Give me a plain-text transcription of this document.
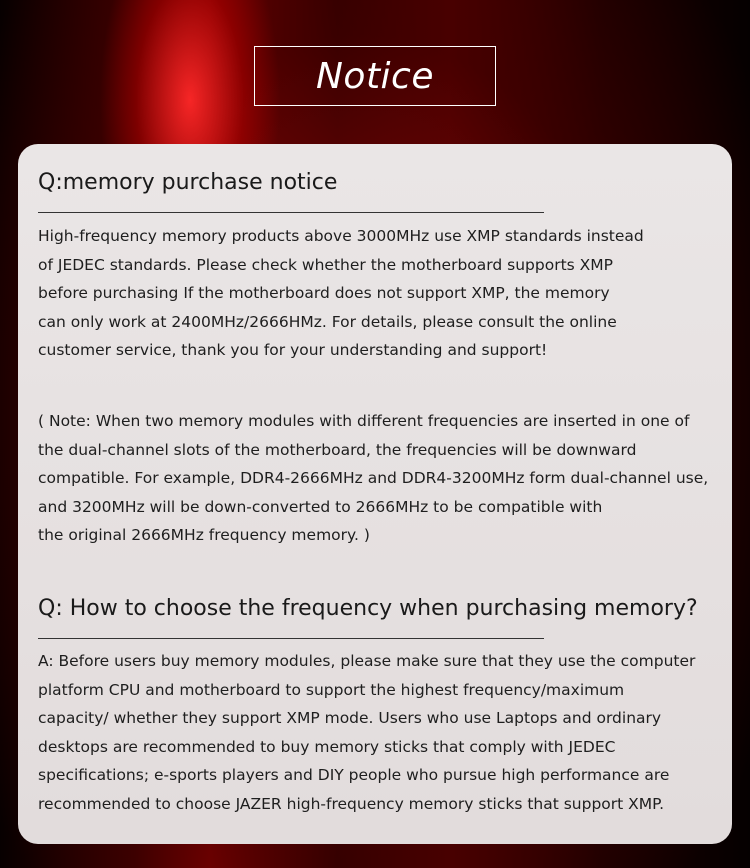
Notice
Q:memory purchase notice
High-frequency memory products above 3000MHz use XMP standards instead
of JEDEC standards. Please check whether the motherboard supports XMP
before purchasing If the motherboard does not support XMP, the memory
can only work at 2400MHz/2666HMz. For details, please consult the online
customer service, thank you for your understanding and support!
( Note: When two memory modules with different frequencies are inserted in one of
the dual-channel slots of the motherboard, the frequencies will be downward
compatible. For example, DDR4-2666MHz and DDR4-3200MHz form dual-channel use,
and 3200MHz will be down-converted to 2666MHz to be compatible with
the original 2666MHz frequency memory. )
Q: How to choose the frequency when purchasing memory?
A: Before users buy memory modules, please make sure that they use the computer
platform CPU and motherboard to support the highest frequency/maximum
capacity/ whether they support XMP mode. Users who use Laptops and ordinary
desktops are recommended to buy memory sticks that comply with JEDEC
specifications; e-sports players and DIY people who pursue high performance are
recommended to choose JAZER high-frequency memory sticks that support XMP.
